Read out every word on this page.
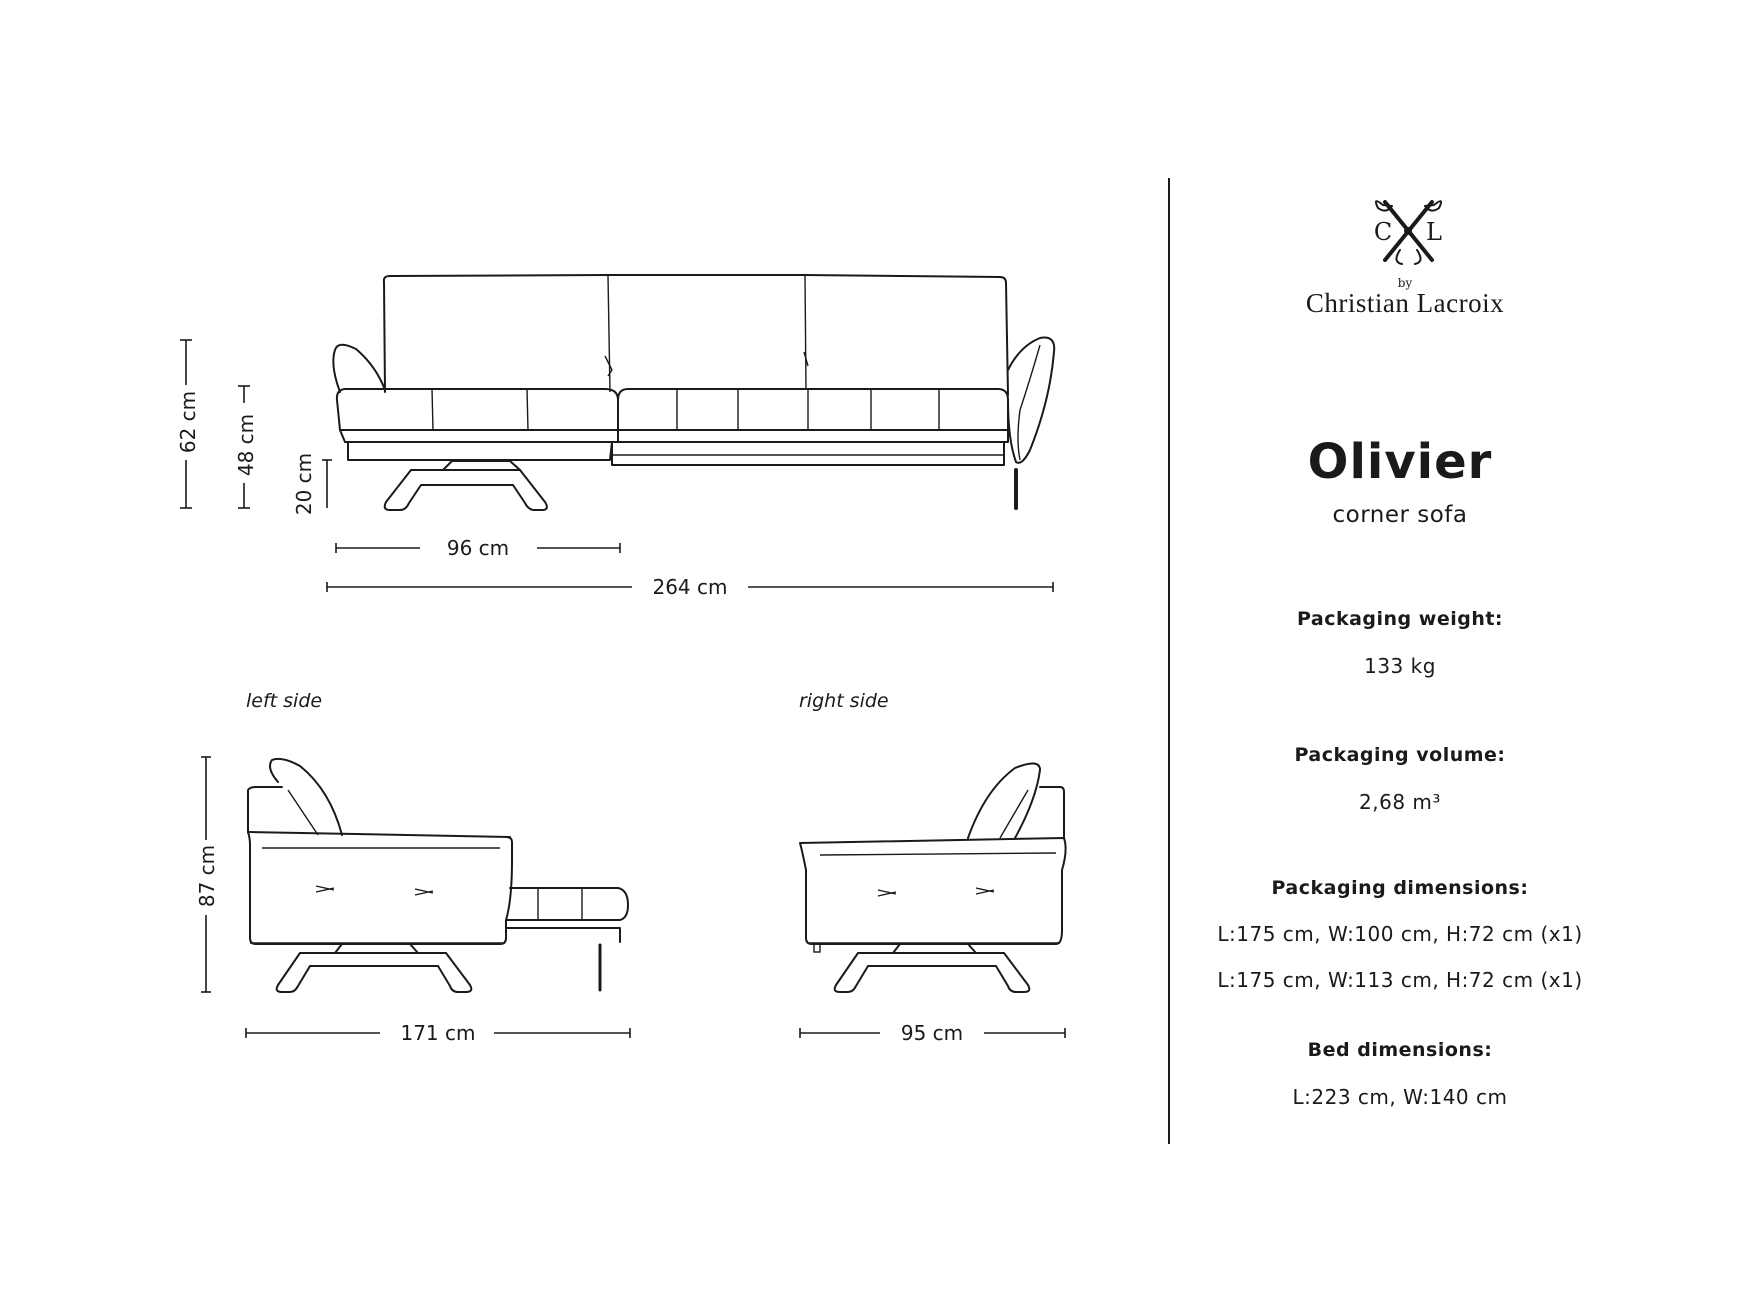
62 cm 48 cm
20 cm
96 cm
264 cm
left side
87 cm
171 cm
right side
95 cm
C L
by
Christian Lacroix
Olivier
corner sofa
Packaging weight:
133 kg
Packaging volume:
2,68 m³
Packaging dimensions:
L:175 cm, W:100 cm, H:72 cm (x1)
L:175 cm, W:113 cm, H:72 cm (x1)
Bed dimensions:
L:223 cm, W:140 cm
